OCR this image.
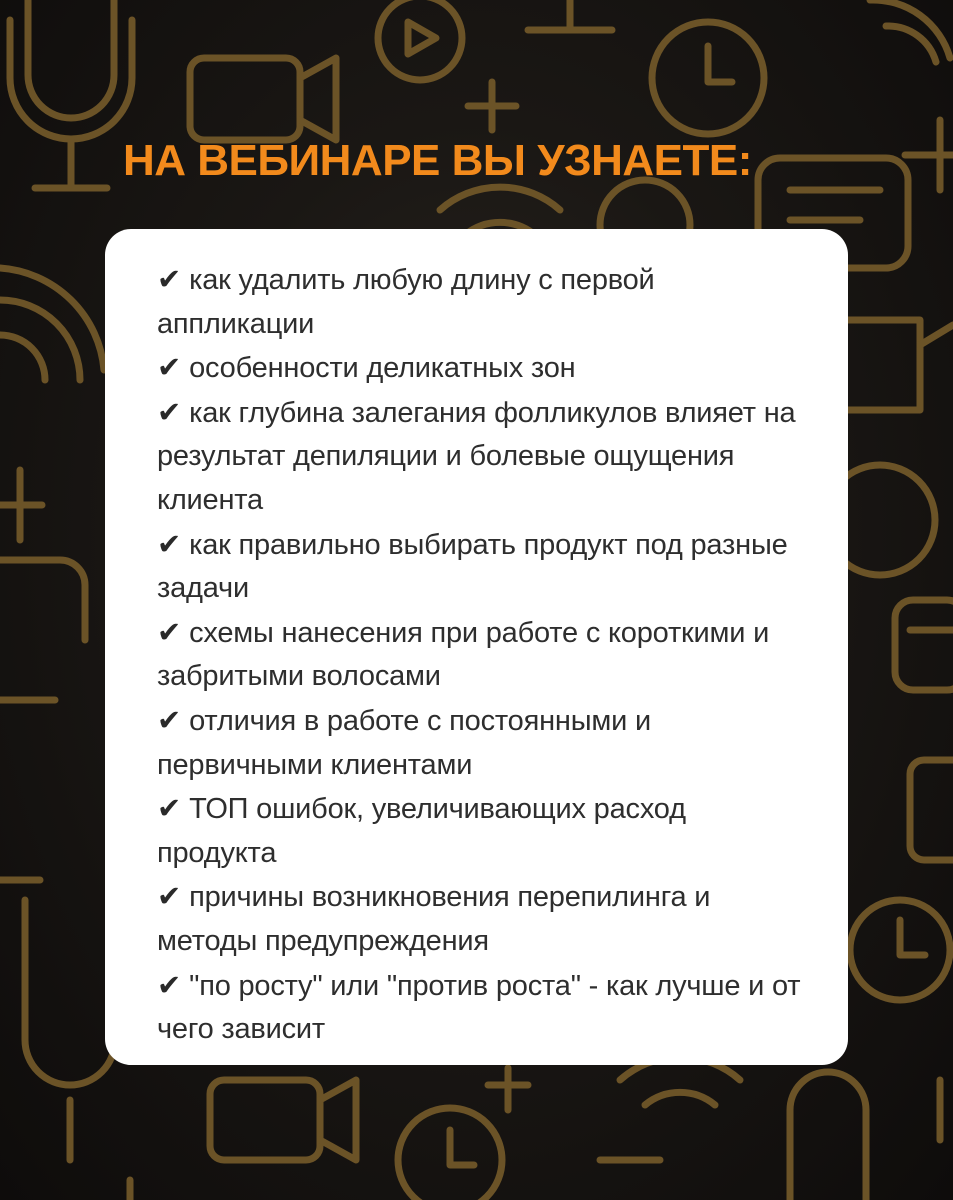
НА ВЕБИНАРЕ ВЫ УЗНАЕТЕ:
✔ как удалить любую длину с первой аппликации
✔ особенности деликатных зон
✔ как глубина залегания фолликулов влияет на результат депиляции и болевые ощущения клиента
✔ как правильно выбирать продукт под разные задачи
✔ схемы нанесения при работе с короткими и забритыми волосами
✔ отличия в работе с постоянными и первичными клиентами
✔ ТОП ошибок, увеличивающих расход продукта
✔ причины возникновения перепилинга и методы предупреждения
✔ "по росту" или "против роста" - как лучше и от чего зависит
